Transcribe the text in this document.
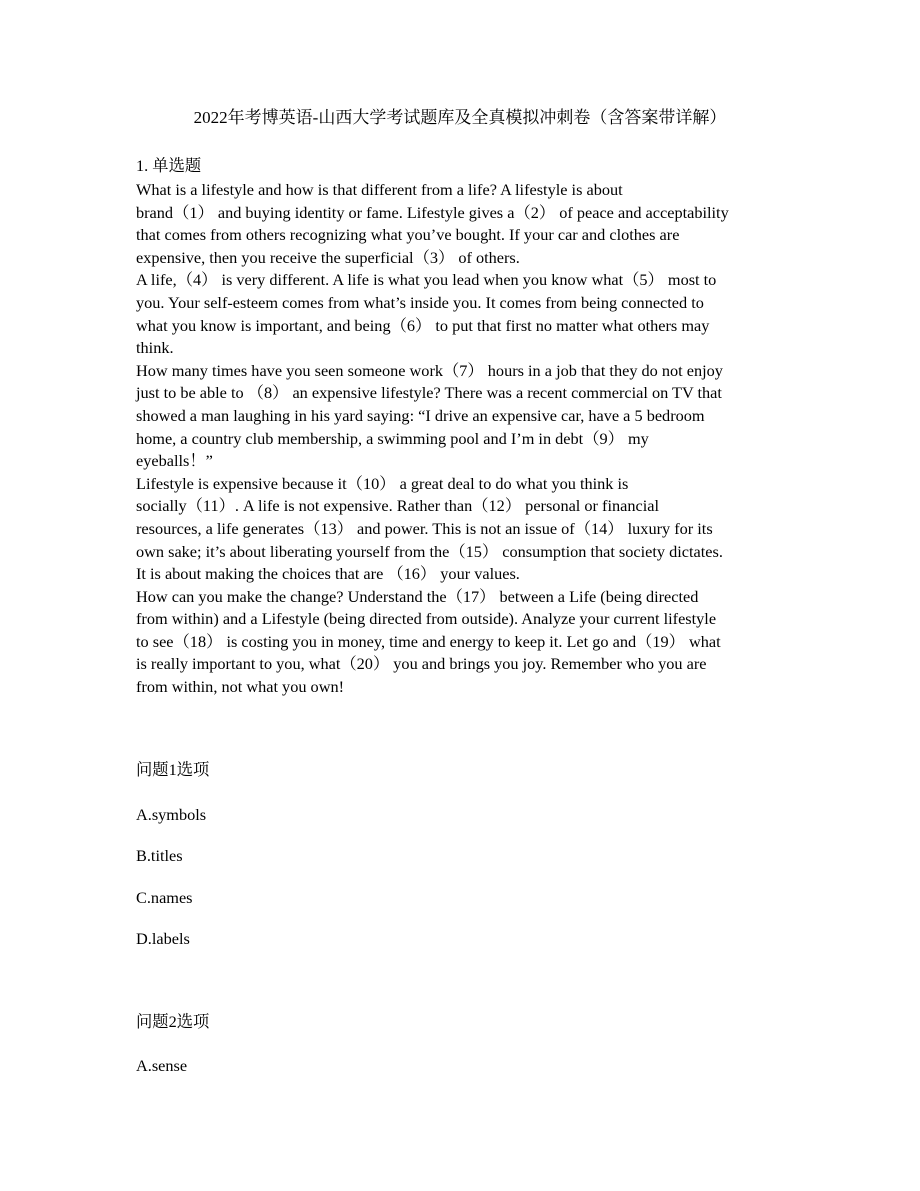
2022年考博英语-山西大学考试题库及全真模拟冲刺卷（含答案带详解）
1. 单选题
What is a lifestyle and how is that different from a life? A lifestyle is about
brand（1） and buying identity or fame. Lifestyle gives a（2） of peace and acceptability
that comes from others recognizing what you’ve bought. If your car and clothes are
expensive, then you receive the superficial（3） of others.
A life,（4） is very different. A life is what you lead when you know what（5） most to
you. Your self-esteem comes from what’s inside you. It comes from being connected to
what you know is important, and being（6） to put that first no matter what others may
think.
How many times have you seen someone work（7） hours in a job that they do not enjoy
just to be able to （8） an expensive lifestyle? There was a recent commercial on TV that
showed a man laughing in his yard saying: “I drive an expensive car, have a 5 bedroom
home, a country club membership, a swimming pool and I’m in debt（9） my
eyeballs！”
Lifestyle is expensive because it（10） a great deal to do what you think is
socially（11）. A life is not expensive. Rather than（12） personal or financial
resources, a life generates（13） and power. This is not an issue of（14） luxury for its
own sake; it’s about liberating yourself from the（15） consumption that society dictates.
It is about making the choices that are （16） your values.
How can you make the change? Understand the（17） between a Life (being directed
from within) and a Lifestyle (being directed from outside). Analyze your current lifestyle
to see（18） is costing you in money, time and energy to keep it. Let go and（19） what
is really important to you, what（20） you and brings you joy. Remember who you are
from within, not what you own!
问题1选项
A.symbols
B.titles
C.names
D.labels
问题2选项
A.sense
